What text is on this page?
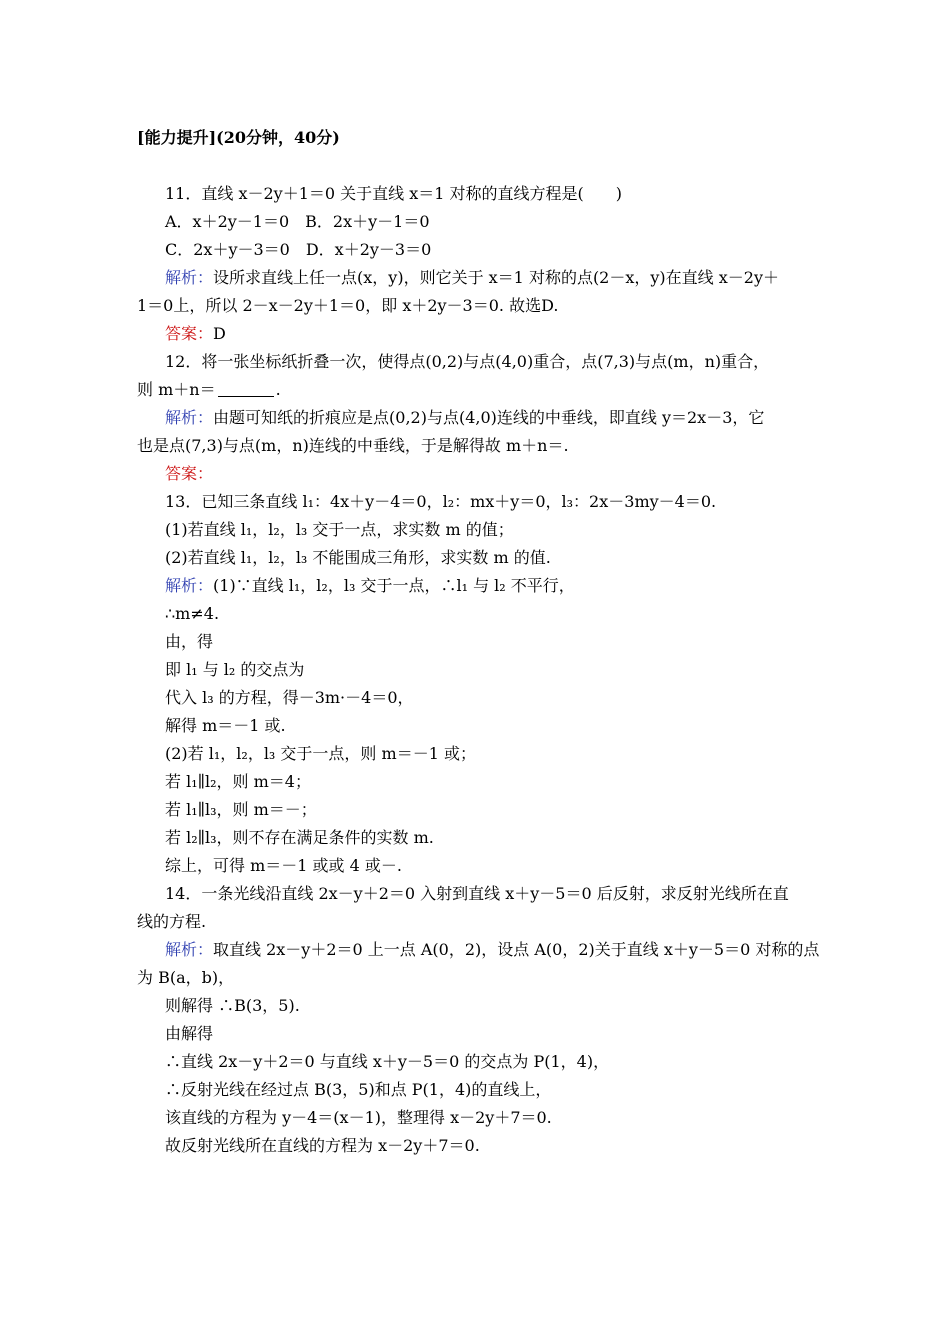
[能力提升](20分钟，40分)
11．直线 x－2y＋1＝0 关于直线 x＝1 对称的直线方程是(　　)
A．x＋2y－1＝0　B．2x＋y－1＝0
C．2x＋y－3＝0　D．x＋2y－3＝0
解析：设所求直线上任一点(x，y)，则它关于 x＝1 对称的点(2－x，y)在直线 x－2y＋
1＝0上，所以 2－x－2y＋1＝0，即 x＋2y－3＝0. 故选D.
答案：D
12．将一张坐标纸折叠一次，使得点(0,2)与点(4,0)重合，点(7,3)与点(m，n)重合，
则 m＋n＝	.
解析：由题可知纸的折痕应是点(0,2)与点(4,0)连线的中垂线，即直线 y＝2x－3，它
也是点(7,3)与点(m，n)连线的中垂线，于是解得故 m＋n＝.
答案：
13．已知三条直线 l₁：4x＋y－4＝0，l₂：mx＋y＝0，l₃：2x－3my－4＝0.
(1)若直线 l₁，l₂，l₃ 交于一点，求实数 m 的值；
(2)若直线 l₁，l₂，l₃ 不能围成三角形，求实数 m 的值.
解析：(1)∵直线 l₁，l₂，l₃ 交于一点，∴l₁ 与 l₂ 不平行，
∴m≠4.
由，得
即 l₁ 与 l₂ 的交点为
代入 l₃ 的方程，得－3m·－4＝0，
解得 m＝－1 或.
(2)若 l₁，l₂，l₃ 交于一点，则 m＝－1 或；
若 l₁∥l₂，则 m＝4；
若 l₁∥l₃，则 m＝－；
若 l₂∥l₃，则不存在满足条件的实数 m.
综上，可得 m＝－1 或或 4 或－.
14．一条光线沿直线 2x－y＋2＝0 入射到直线 x＋y－5＝0 后反射，求反射光线所在直
线的方程.
解析：取直线 2x－y＋2＝0 上一点 A(0，2)，设点 A(0，2)关于直线 x＋y－5＝0 对称的点
为 B(a，b)，
则解得 ∴B(3，5).
由解得
∴直线 2x－y＋2＝0 与直线 x＋y－5＝0 的交点为 P(1，4)，
∴反射光线在经过点 B(3，5)和点 P(1，4)的直线上，
该直线的方程为 y－4＝(x－1)，整理得 x－2y＋7＝0.
故反射光线所在直线的方程为 x－2y＋7＝0.
